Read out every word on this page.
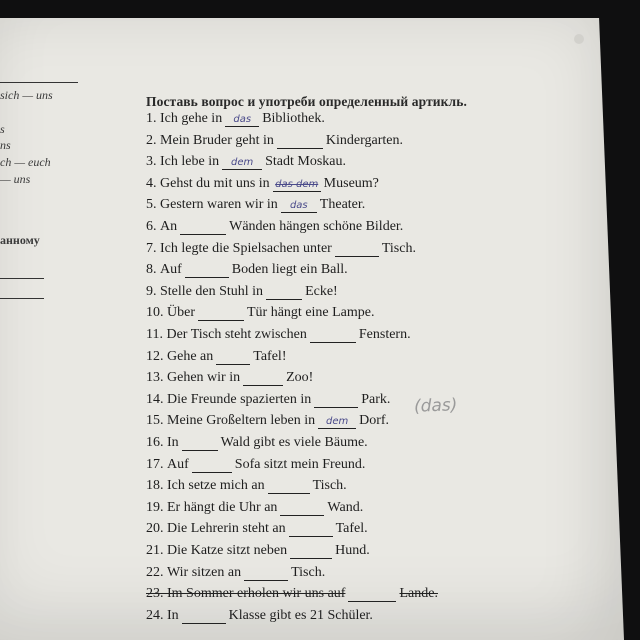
sich — uns
s
ns
ch — euch
— uns
анному
Поставь вопрос и употреби определенный артикль.
1.
Ich gehe in das Bibliothek.
2.
Mein Bruder geht in	Kindergarten.
3.
Ich lebe in dem Stadt Moskau.
4.
Gehst du mit uns in das dem Museum?
5.
Gestern waren wir in das Theater.
6.
An	Wänden hängen schöne Bilder.
7.
Ich legte die Spielsachen unter	Tisch.
8.
Auf	Boden liegt ein Ball.
9.
Stelle den Stuhl in	Ecke!
10.
Über	Tür hängt eine Lampe.
11.
Der Tisch steht zwischen	Fenstern.
12.
Gehe an	Tafel!
13.
Gehen wir in	Zoo!
14.
Die Freunde spazierten in	Park.
15.
Meine Großeltern leben in dem Dorf.
16.
In	Wald gibt es viele Bäume.
17.
Auf	Sofa sitzt mein Freund.
18.
Ich setze mich an	Tisch.
19.
Er hängt die Uhr an	Wand.
20.
Die Lehrerin steht an	Tafel.
21.
Die Katze sitzt neben	Hund.
22.
Wir sitzen an	Tisch.
23.
Im Sommer erholen wir uns auf	Lande.
24.
In	Klasse gibt es 21 Schüler.
(das)
